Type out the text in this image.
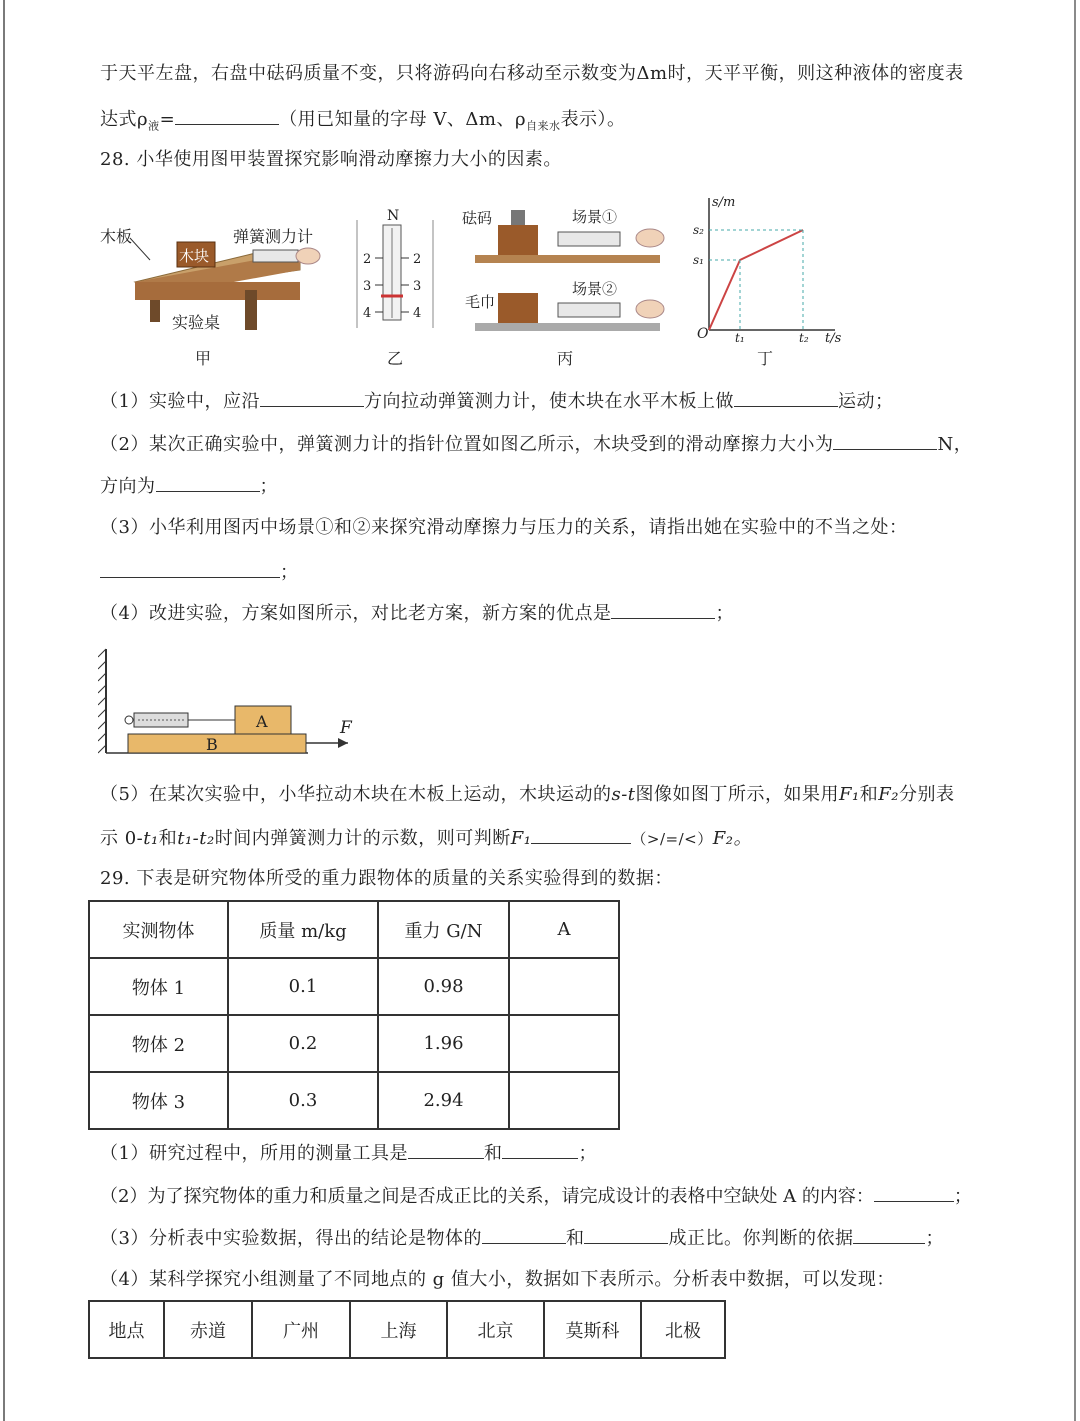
于天平左盘，右盘中砝码质量不变，只将游码向右移动至示数变为Δm时，天平平衡，则这种液体的密度表
达式$\rho_液=$	（用已知量的字母 V、Δm、$\rho_{自来水}$表示）。
28. 小华使用图甲装置探究影响滑动摩擦力大小的因素。
木板
木块
弹簧测力计
实验桌
甲
N
2	2
3	3
4	4
乙
砝码	场景①
毛巾
场景②
丙
s/m
t/s
O
s₁
s₂
t₁	t₂
丁
（1）实验中，应沿	方向拉动弹簧测力计，使木块在水平木板上做	运动；
（2）某次正确实验中，弹簧测力计的指针位置如图乙所示，木块受到的滑动摩擦力大小为	N，
方向为	；
（3）小华利用图丙中场景①和②来探究滑动摩擦力与压力的关系，请指出她在实验中的不当之处：
；
（4）改进实验，方案如图所示，对比老方案，新方案的优点是	；
A
B
F
（5）在某次实验中，小华拉动木块在木板上运动，木块运动的s-t图像如图丁所示，如果用F₁和F₂分别表
示 0-t₁和t₁-t₂时间内弹簧测力计的示数，则可判断F₁	（>/=/<）F₂。
29. 下表是研究物体所受的重力跟物体的质量的关系实验得到的数据：
实测物体	质量 m/kg	重力 G/N	A
物体 1	0.1	0.98	
物体 2	0.2	1.96	
物体 3	0.3	2.94	
（1）研究过程中，所用的测量工具是	和	；
（2）为了探究物体的重力和质量之间是否成正比的关系，请完成设计的表格中空缺处 A 的内容：	；
（3）分析表中实验数据，得出的结论是物体的	和	成正比。你判断的依据	；
（4）某科学探究小组测量了不同地点的 g 值大小，数据如下表所示。分析表中数据，可以发现：
地点	赤道	广州	上海	北京	莫斯科	北极
